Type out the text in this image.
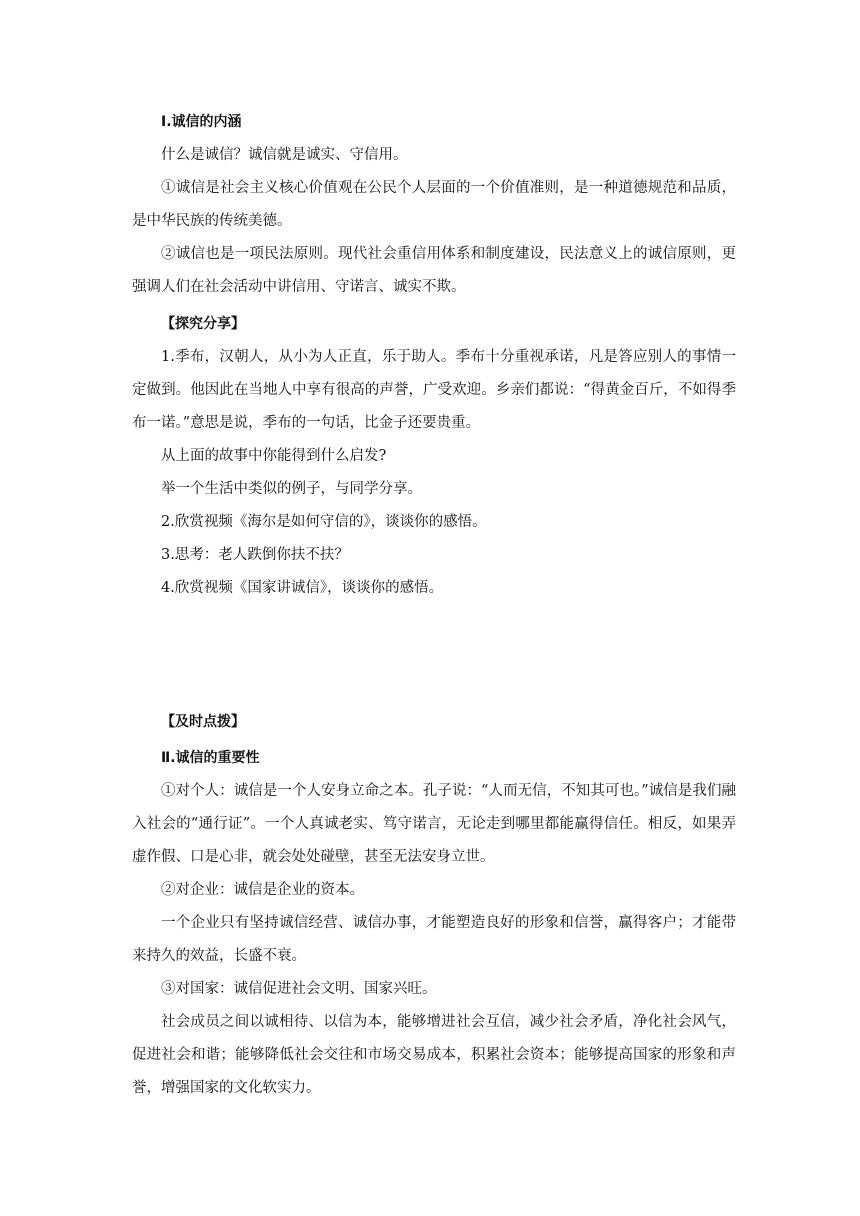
Ⅰ.诚信的内涵

什么是诚信？诚信就是诚实、守信用。

①诚信是社会主义核心价值观在公民个人层面的一个价值准则，是一种道德规范和品质，是中华民族的传统美德。

②诚信也是一项民法原则。现代社会重信用体系和制度建设，民法意义上的诚信原则，更强调人们在社会活动中讲信用、守诺言、诚实不欺。

【探究分享】

1.季布，汉朝人，从小为人正直，乐于助人。季布十分重视承诺，凡是答应别人的事情一定做到。他因此在当地人中享有很高的声誉，广受欢迎。乡亲们都说：“得黄金百斤，不如得季布一诺。”意思是说，季布的一句话，比金子还要贵重。

从上面的故事中你能得到什么启发?

举一个生活中类似的例子，与同学分享。

2.欣赏视频《海尔是如何守信的》，谈谈你的感悟。

3.思考：老人跌倒你扶不扶？

4.欣赏视频《国家讲诚信》，谈谈你的感悟。

【及时点拨】

Ⅱ.诚信的重要性

①对个人：诚信是一个人安身立命之本。孔子说：“人而无信，不知其可也。”诚信是我们融入社会的“通行证”。一个人真诚老实、笃守诺言，无论走到哪里都能赢得信任。相反，如果弄虚作假、口是心非，就会处处碰壁，甚至无法安身立世。

②对企业：诚信是企业的资本。

一个企业只有坚持诚信经营、诚信办事，才能塑造良好的形象和信誉，赢得客户；才能带来持久的效益，长盛不衰。

③对国家：诚信促进社会文明、国家兴旺。

社会成员之间以诚相待、以信为本，能够增进社会互信，减少社会矛盾，净化社会风气，促进社会和谐；能够降低社会交往和市场交易成本，积累社会资本；能够提高国家的形象和声誉，增强国家的文化软实力。
